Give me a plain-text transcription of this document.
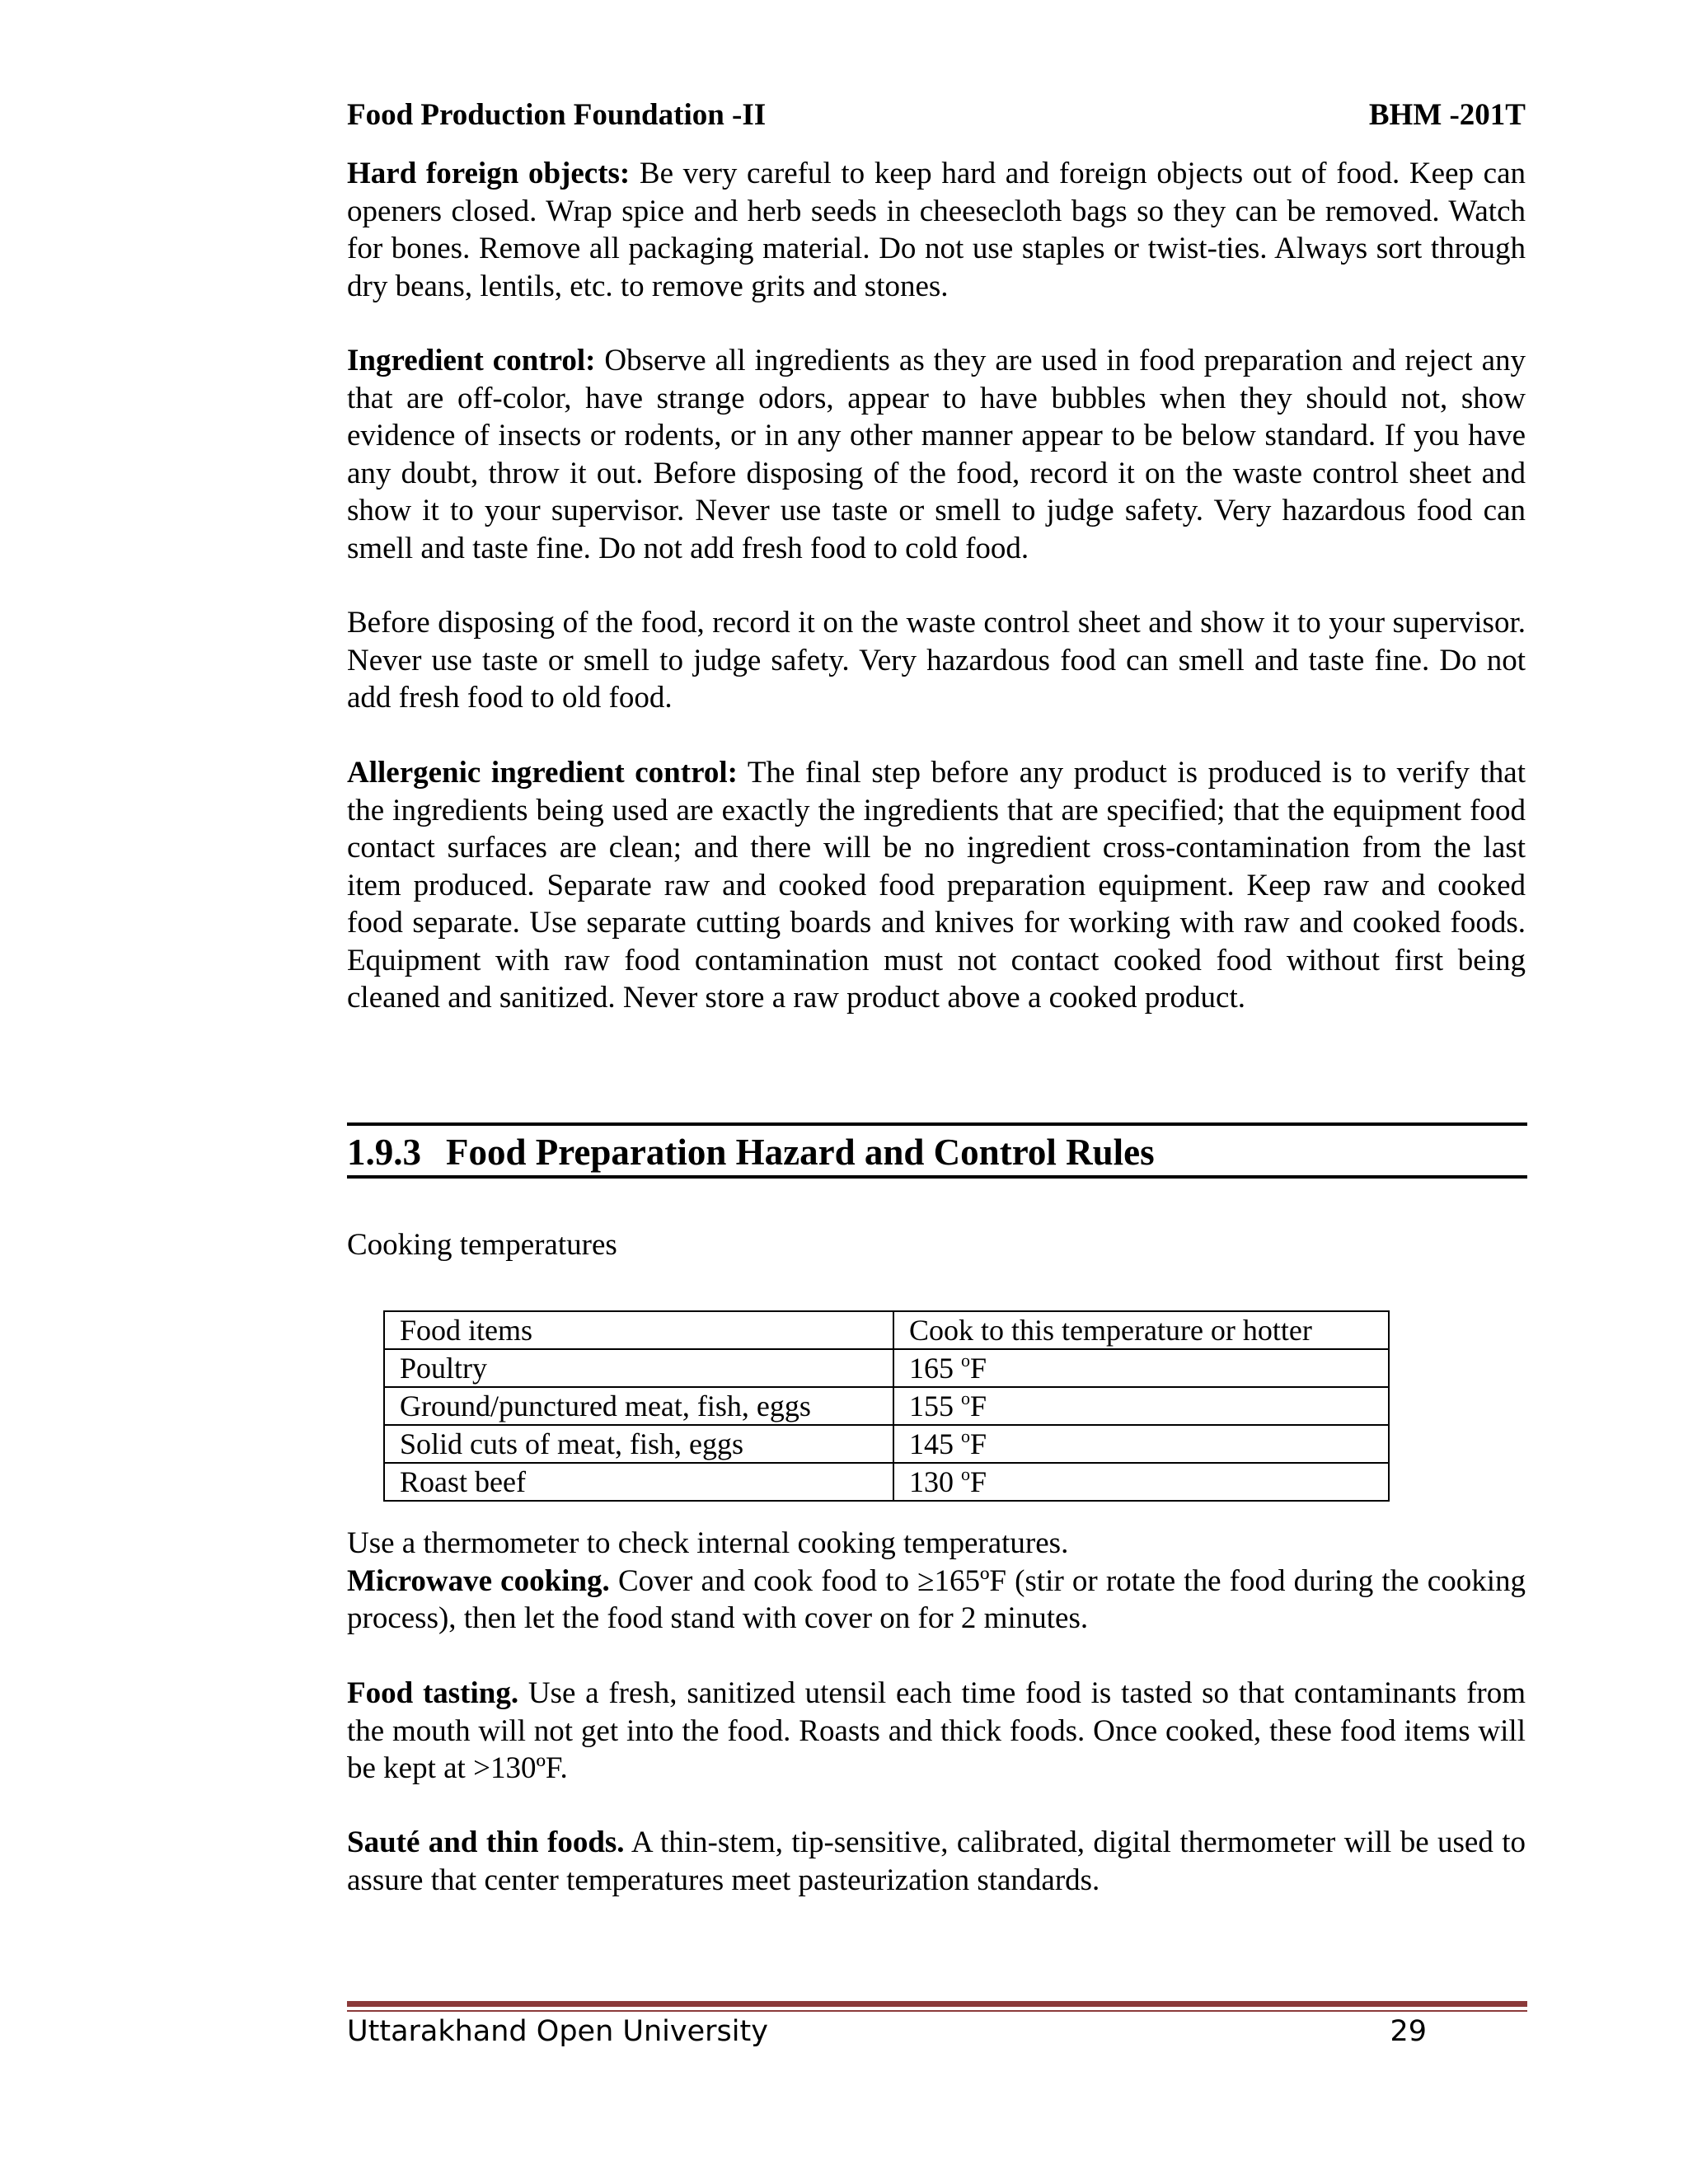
Food Production Foundation -II	BHM -201T

Hard foreign objects: Be very careful to keep hard and foreign objects out of food. Keep can openers closed. Wrap spice and herb seeds in cheesecloth bags so they can be removed. Watch for bones. Remove all packaging material. Do not use staples or twist-ties. Always sort through dry beans, lentils, etc. to remove grits and stones.

Ingredient control: Observe all ingredients as they are used in food preparation and reject any that are off-color, have strange odors, appear to have bubbles when they should not, show evidence of insects or rodents, or in any other manner appear to be below standard. If you have any doubt, throw it out. Before disposing of the food, record it on the waste control sheet and show it to your supervisor. Never use taste or smell to judge safety. Very hazardous food can smell and taste fine. Do not add fresh food to cold food.

Before disposing of the food, record it on the waste control sheet and show it to your supervisor. Never use taste or smell to judge safety. Very hazardous food can smell and taste fine. Do not add fresh food to old food.

Allergenic ingredient control: The final step before any product is produced is to verify that the ingredients being used are exactly the ingredients that are specified; that the equipment food contact surfaces are clean; and there will be no ingredient cross-contamination from the last item produced. Separate raw and cooked food preparation equipment. Keep raw and cooked food separate. Use separate cutting boards and knives for working with raw and cooked foods. Equipment with raw food contamination must not contact cooked food without first being cleaned and sanitized. Never store a raw product above a cooked product.

1.9.3 Food Preparation Hazard and Control Rules

Cooking temperatures

Food items	Cook to this temperature or hotter
Poultry	165 $^o$F
Ground/punctured meat, fish, eggs	155 $^o$F
Solid cuts of meat, fish, eggs	145 $^o$F
Roast beef	130 $^o$F

Use a thermometer to check internal cooking temperatures.

Microwave cooking. Cover and cook food to ≥165ºF (stir or rotate the food during the cooking process), then let the food stand with cover on for 2 minutes.

Food tasting. Use a fresh, sanitized utensil each time food is tasted so that contaminants from the mouth will not get into the food. Roasts and thick foods. Once cooked, these food items will be kept at >130ºF.

Sauté and thin foods. A thin-stem, tip-sensitive, calibrated, digital thermometer will be used to assure that center temperatures meet pasteurization standards.

Uttarakhand Open University	29
